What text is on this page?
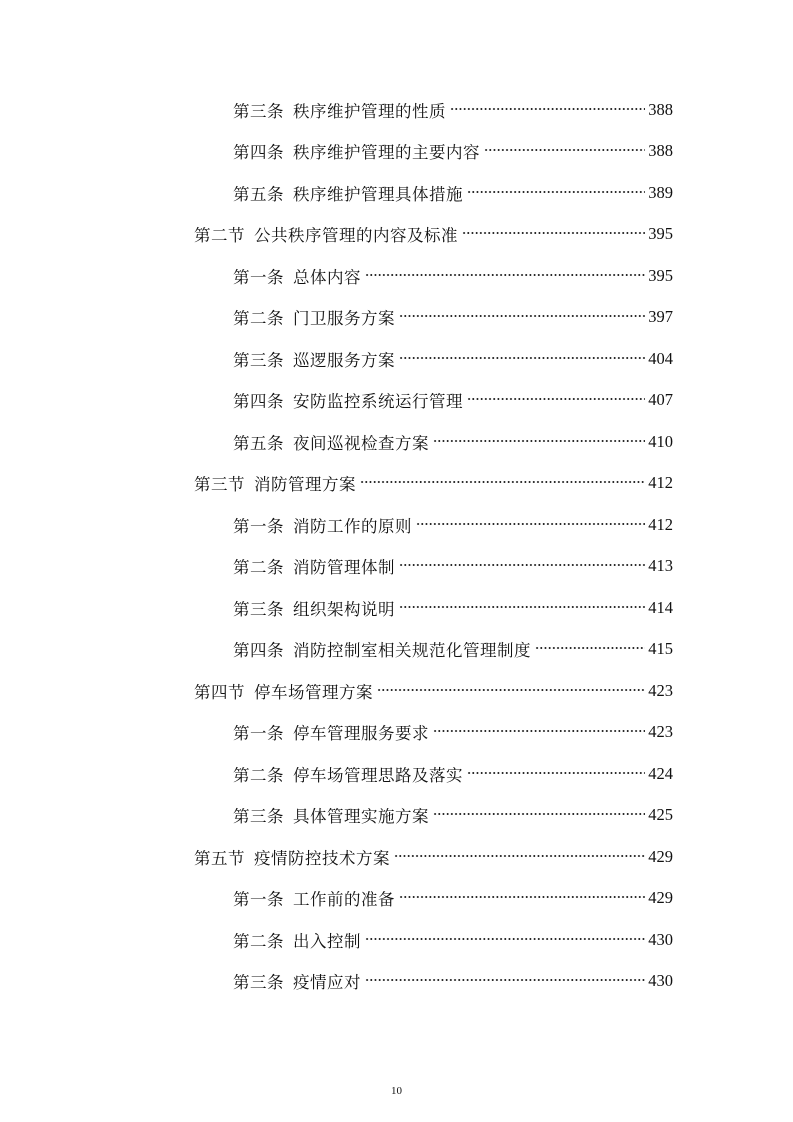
第三条 秩序维护管理的性质	388
第四条 秩序维护管理的主要内容	388
第五条 秩序维护管理具体措施	389
第二节 公共秩序管理的内容及标准	395
第一条 总体内容	395
第二条 门卫服务方案	397
第三条 巡逻服务方案	404
第四条 安防监控系统运行管理	407
第五条 夜间巡视检查方案	410
第三节 消防管理方案	412
第一条 消防工作的原则	412
第二条 消防管理体制	413
第三条 组织架构说明	414
第四条 消防控制室相关规范化管理制度	415
第四节 停车场管理方案	423
第一条 停车管理服务要求	423
第二条 停车场管理思路及落实	424
第三条 具体管理实施方案	425
第五节 疫情防控技术方案	429
第一条 工作前的准备	429
第二条 出入控制	430
第三条 疫情应对	430
10
